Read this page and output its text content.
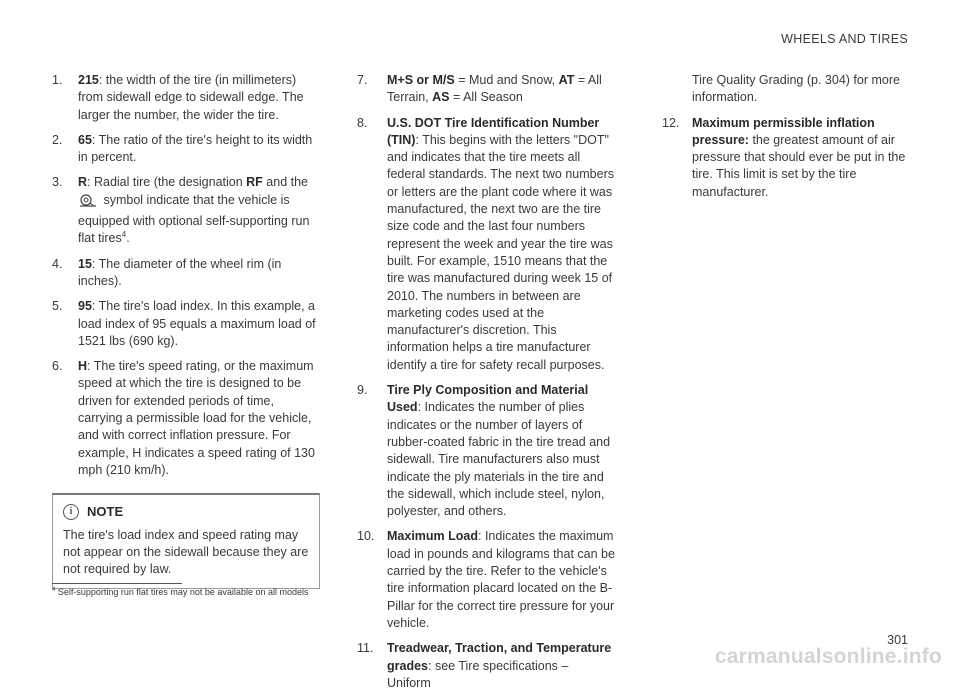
WHEELS AND TIRES
1.	215: the width of the tire (in millimeters) from sidewall edge to sidewall edge. The larger the number, the wider the tire.
2.	65: The ratio of the tire's height to its width in percent.
3.	R: Radial tire (the designation RF and the
symbol indicate that the vehicle is equipped with optional self-supporting run flat tires$^4$.
4.	15: The diameter of the wheel rim (in inches).
5.	95: The tire's load index. In this example, a load index of 95 equals a maximum load of 1521 lbs (690 kg).
6.	H: The tire's speed rating, or the maximum speed at which the tire is designed to be driven for extended periods of time, carrying a permissible load for the vehicle, and with correct inflation pressure. For example, H indicates a speed rating of 130 mph (210 km/h).
i	NOTE
The tire's load index and speed rating may not appear on the sidewall because they are not required by law.
7.	M+S or M/S = Mud and Snow, AT = All Terrain, AS = All Season
8.	U.S. DOT Tire Identification Number (TIN): This begins with the letters "DOT" and indicates that the tire meets all federal standards. The next two numbers or letters are the plant code where it was manufactured, the next two are the tire size code and the last four numbers represent the week and year the tire was built. For example, 1510 means that the tire was manufactured during week 15 of 2010. The numbers in between are marketing codes used at the manufacturer's discretion. This information helps a tire manufacturer identify a tire for safety recall purposes.
9.	Tire Ply Composition and Material Used: Indicates the number of plies indicates or the number of layers of rubber-coated fabric in the tire tread and sidewall. Tire manufacturers also must indicate the ply materials in the tire and the sidewall, which include steel, nylon, polyester, and others.
10.	Maximum Load: Indicates the maximum load in pounds and kilograms that can be carried by the tire. Refer to the vehicle's tire information placard located on the B-Pillar for the correct tire pressure for your vehicle.
11.	Treadwear, Traction, and Temperature grades: see Tire specifications – Uniform
Tire Quality Grading (p. 304) for more information.
12.	Maximum permissible inflation pressure: the greatest amount of air pressure that should ever be put in the tire. This limit is set by the tire manufacturer.
$^4$ Self-supporting run flat tires may not be available on all models
301
carmanualsonline.info
